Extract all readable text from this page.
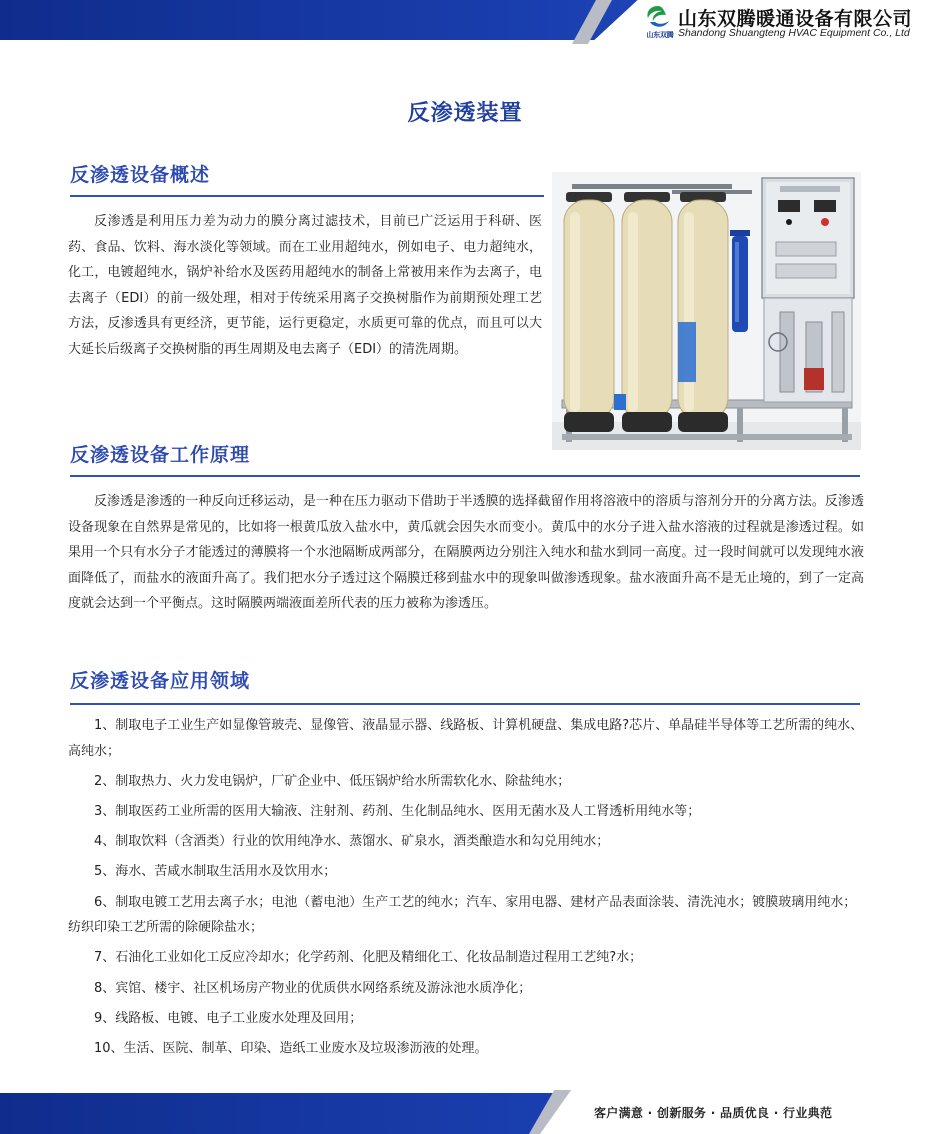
山东双腾
山东双腾暖通设备有限公司
Shandong Shuangteng HVAC Equipment Co., Ltd
反渗透装置
反渗透设备概述

反渗透是利用压力差为动力的膜分离过滤技术，目前已广泛运用于科研、医药、食品、饮料、海水淡化等领域。而在工业用超纯水，例如电子、电力超纯水，化工，电镀超纯水，锅炉补给水及医药用超纯水的制备上常被用来作为去离子，电去离子（EDI）的前一级处理，相对于传统采用离子交换树脂作为前期预处理工艺方法，反渗透具有更经济，更节能，运行更稳定，水质更可靠的优点，而且可以大大延长后级离子交换树脂的再生周期及电去离子（EDI）的清洗周期。

反渗透设备工作原理

反渗透是渗透的一种反向迁移运动，是一种在压力驱动下借助于半透膜的选择截留作用将溶液中的溶质与溶剂分开的分离方法。反渗透设备现象在自然界是常见的，比如将一根黄瓜放入盐水中，黄瓜就会因失水而变小。黄瓜中的水分子进入盐水溶液的过程就是渗透过程。如果用一个只有水分子才能透过的薄膜将一个水池隔断成两部分，在隔膜两边分别注入纯水和盐水到同一高度。过一段时间就可以发现纯水液面降低了，而盐水的液面升高了。我们把水分子透过这个隔膜迁移到盐水中的现象叫做渗透现象。盐水液面升高不是无止境的，到了一定高度就会达到一个平衡点。这时隔膜两端液面差所代表的压力被称为渗透压。

反渗透设备应用领域
1、制取电子工业生产如显像管玻壳、显像管、液晶显示器、线路板、计算机硬盘、集成电路?芯片、单晶硅半导体等工艺所需的纯水、高纯水；
2、制取热力、火力发电锅炉，厂矿企业中、低压锅炉给水所需软化水、除盐纯水；
3、制取医药工业所需的医用大输液、注射剂、药剂、生化制品纯水、医用无菌水及人工肾透析用纯水等；
4、制取饮料（含酒类）行业的饮用纯净水、蒸馏水、矿泉水，酒类酿造水和勾兑用纯水；
5、海水、苦咸水制取生活用水及饮用水；
6、制取电镀工艺用去离子水；电池（蓄电池）生产工艺的纯水；汽车、家用电器、建材产品表面涂装、清洗沌水；镀膜玻璃用纯水；纺织印染工艺所需的除硬除盐水；
7、石油化工业如化工反应冷却水；化学药剂、化肥及精细化工、化妆品制造过程用工艺纯?水；
8、宾馆、楼宇、社区机场房产物业的优质供水网络系统及游泳池水质净化；
9、线路板、电镀、电子工业废水处理及回用；
10、生活、医院、制革、印染、造纸工业废水及垃圾渗沥液的处理。
客户满意 · 创新服务 · 品质优良 · 行业典范
